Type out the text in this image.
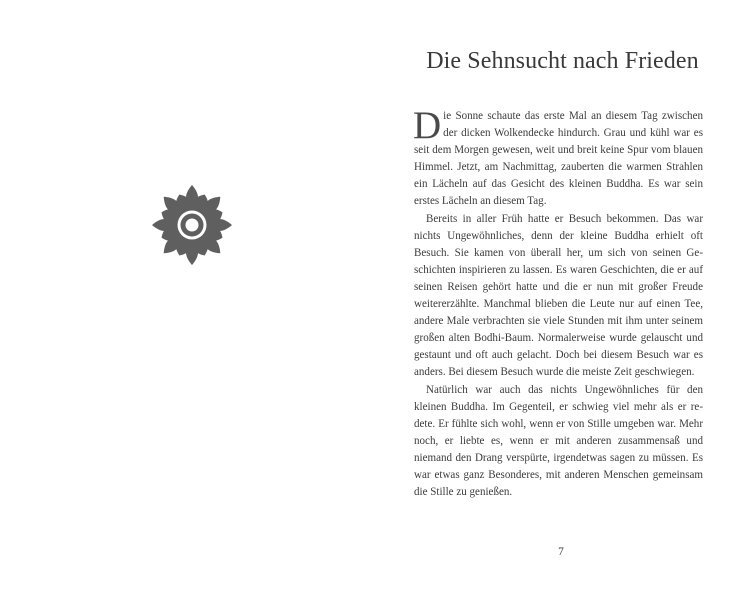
Die Sehnsucht nach Frieden

Die Sonne schaute das erste Mal an diesem Tag zwischen der dicken Wolkendecke hindurch. Grau und kühl war es seit dem Morgen gewesen, weit und breit keine Spur vom blauen Himmel. Jetzt, am Nachmittag, zauberten die warmen Strahlen ein Lächeln auf das Gesicht des kleinen Buddha. Es war sein erstes Lächeln an diesem Tag.

Bereits in aller Früh hatte er Besuch bekommen. Das war nichts Ungewöhnliches, denn der kleine Buddha erhielt oft Besuch. Sie kamen von überall her, um sich von seinen Geschichten inspirieren zu lassen. Es waren Geschichten, die er auf seinen Reisen gehört hatte und die er nun mit großer Freude weitererzählte. Manchmal blieben die Leute nur auf einen Tee, andere Male verbrachten sie viele Stunden mit ihm unter seinem großen alten Bodhi-Baum. Normalerweise wurde gelauscht und gestaunt und oft auch gelacht. Doch bei diesem Besuch war es anders. Bei diesem Besuch wurde die meiste Zeit geschwiegen.

Natürlich war auch das nichts Ungewöhnliches für den kleinen Buddha. Im Gegenteil, er schwieg viel mehr als er redete. Er fühlte sich wohl, wenn er von Stille umgeben war. Mehr noch, er liebte es, wenn er mit anderen zusammensaß und niemand den Drang verspürte, irgendetwas sagen zu müssen. Es war etwas ganz Besonderes, mit anderen Menschen gemeinsam die Stille zu genießen.

7
